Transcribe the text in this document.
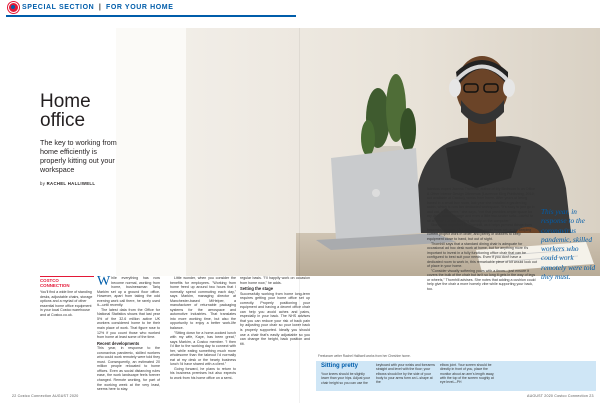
SPECIAL SECTION | FOR YOUR HOME
Home
office
The key to working from home efficiently is properly kitting out your workspace
by RACHEL HALLIWELL

Interiors expert Joanna Thornhill, author of My Bedroom Is an Office & Other Interior Design Dilemmas (Laurence King Publishing, 2019; not available at Costco), works from home. After years of being based in a small box room, last year she installed a garden log cabin, which is now her dedicated workspace. "It's easy to just go in and out. A 15-metre," she says, "not that provides ample space for my desk, some storage and even a little two-seater sofa—useful to sit at when I'm not working directly on the computer."

Storage is important to Thornhill, as it helps prevent things from becoming chaotic. She has various paper trays set up for keeping current project work in order, and plenty of drawers to keep equipment close to hand, but out of sight.

Thornhill says that a standard dining chair is adequate for occasional ad hoc desk work at home, but for anything more it's important to invest in a fully functioning office chair that can be configured to best suit your needs. Even if you don't have a dedicated room to work in, this remarkable piece of kit would look out of place in your home.

"Consider visually softening yours with a throw—just ensure it covers the bulk of the chair but isn't so long it gets in the way of legs or wheels," Thornhill advises. She notes that adding a cushion could help give the chair a more homely vibe while supporting your back, too.

This year, in response to the coronavirus pandemic, skilled workers who could work remotely were told they must.
COSTCO
CONNECTION
You'll find a wide line of standing desks, adjustable chairs, storage options and a myriad of other essential home office equipment in your local Costco warehouse and at Costco.co.uk.

While everything has now become normal, working from home, businessman Tariq Markim set up a ground floor office. However, apart from taking the odd evening work call there, he rarely used it—until recently.

The latest data from the Office for National Statistics shows that last year 5% of the 32.6 million active UK workers considered home to be their main place of work. That figure rose to 12% if you count those who worked from home at least some of the time.

Recent developments

This year, in response to the coronavirus pandemic, skilled workers who could work remotely were told they must. Consequently, an estimated 20 million people relocated to home offices. Even as social distancing rules ease, the work landscape feels forever changed. Remote working, for part of the working week at the very least, seems here to stay.

Little wonder, when you consider the benefits for employees. "Working from home freed up around two hours that I normally spend commuting each day," says Markim, managing director at Manchester-based MiHelper, a manufacturer of returnable packaging systems for the aerospace and automotive industries. That translates into more working time, but also the opportunity to enjoy a better work-life balance.

"Sitting down for a home-cooked lunch with my wife, Kaye, has been great," says Markim, a Costco member. "I then I'd like to the working day to connect with her, while eating something much more wholesome than the takeout I'd normally eat at my desk or the hearty business lunch I'd have shared with a client."

Going forward, he plans to return to his business premises but also expects to work from his home office on a semi-

regular basis. "I'll happily work on occasion from home now," he adds.

Setting the stage

Successfully working from home long-term requires getting your home office set up correctly. Properly positioning your equipment and having a decent office chair can help you avoid aches and pains, especially in your back. The NHS advises that you can reduce your risk of back pain by adjusting your chair so your lower back is properly supported. Ideally you should use a chair that's easily adjustable so you can change the height, back position and tilt.

Freelancer writer Rachel Halliwell works from her Cheshire home.
Sitting pretty
Your knees should be slightly lower than your hips. Adjust your chair height so you can use the
keyboard with your wrists and forearms straight and level with the floor; your elbows should be by the side of your body to your arms form an L-shape at the
elbow joint. Your screen should be directly in front of you, place the monitor about an arm's length away, with the top of the screen roughly at eye level—PH
22 Costco Connection AUGUST 2020	AUGUST 2020 Costco Connection 23
